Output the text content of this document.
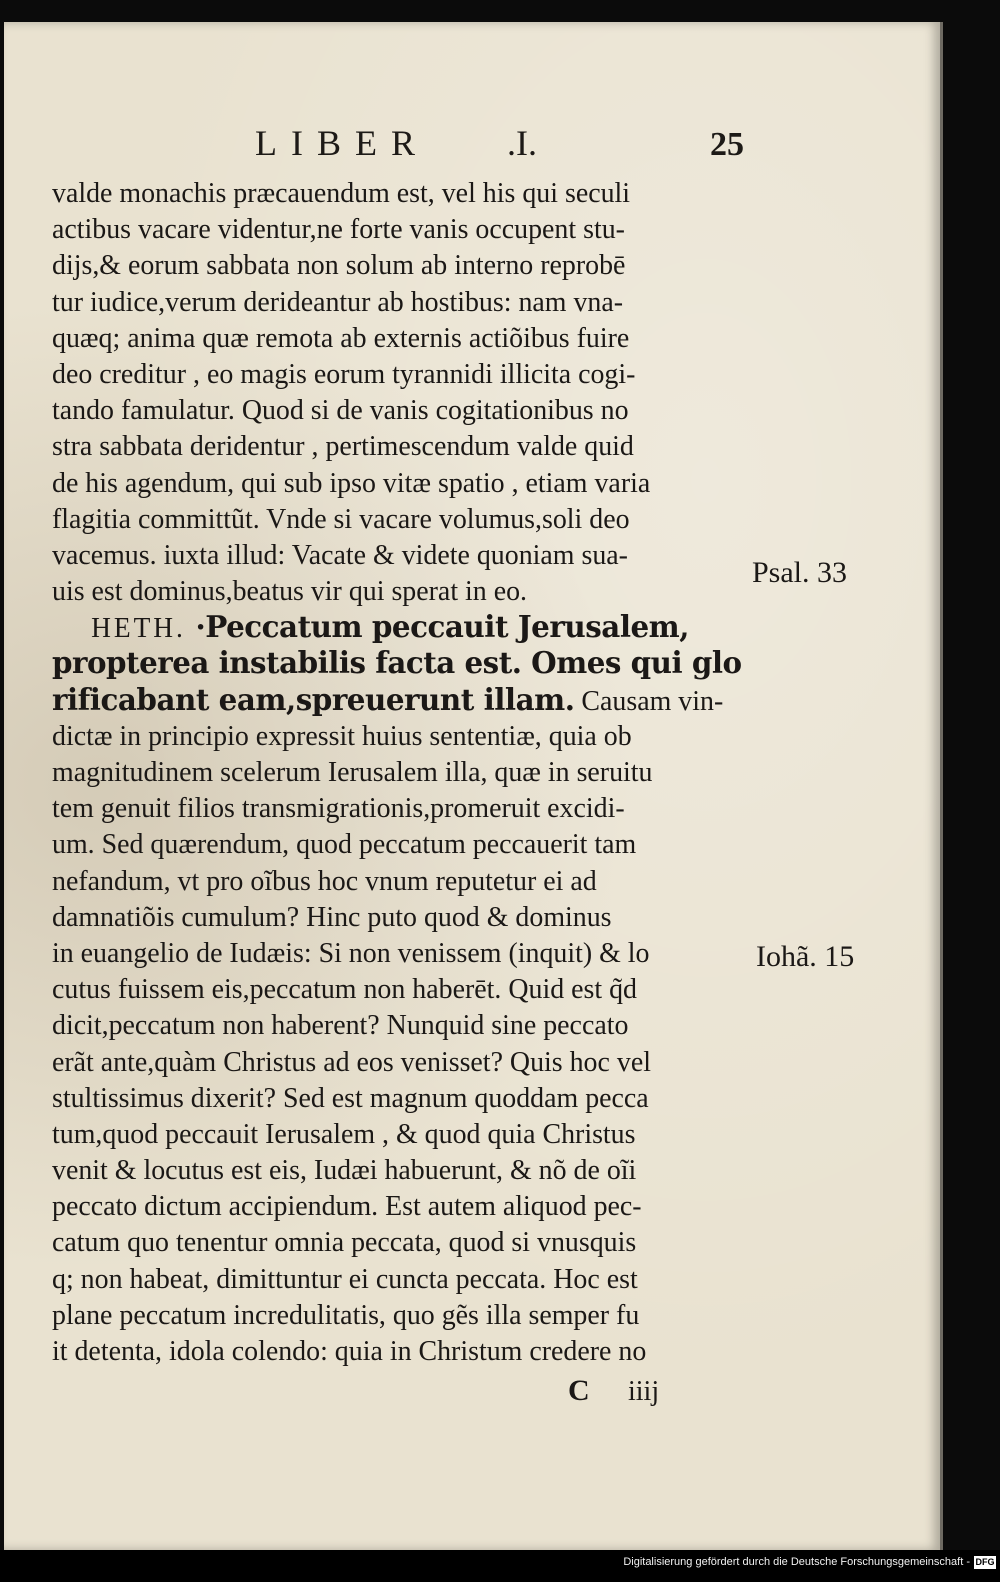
LIBER .I.	25
valde monachis præcauendum est, vel his qui seculi
actibus vacare videntur,ne forte vanis occupent stu-
dijs,& eorum sabbata non solum ab interno reprobē
tur iudice,verum derideantur ab hostibus: nam vna-
quæq; anima quæ remota ab externis actiõibus fuire
deo creditur , eo magis eorum tyrannidi illicita cogi-
tando famulatur. Quod si de vanis cogitationibus no
stra sabbata deridentur , pertimescendum valde quid
de his agendum, qui sub ipso vitæ spatio , etiam varia
flagitia committũt. Vnde si vacare volumus,soli deo
vacemus. iuxta illud: Vacate & videte quoniam sua-
uis est dominus,beatus vir qui sperat in eo.
HETH. ·Peccatum peccauit Jerusalem,
propterea instabilis facta est. Omes qui glo
rificabant eam,spreuerunt illam. Causam vin-
dictæ in principio expressit huius sententiæ, quia ob
magnitudinem scelerum Ierusalem illa, quæ in seruitu
tem genuit filios transmigrationis,promeruit excidi-
um. Sed quærendum, quod peccatum peccauerit tam
nefandum, vt pro oĩbus hoc vnum reputetur ei ad
damnatiõis cumulum? Hinc puto quod & dominus
in euangelio de Iudæis: Si non venissem (inquit) & lo
cutus fuissem eis,peccatum non haberēt. Quid est q̃d
dicit,peccatum non haberent? Nunquid sine peccato
erãt ante,quàm Christus ad eos venisset? Quis hoc vel
stultissimus dixerit? Sed est magnum quoddam pecca
tum,quod peccauit Ierusalem , & quod quia Christus
venit & locutus est eis, Iudæi habuerunt, & nõ de oĩi
peccato dictum accipiendum. Est autem aliquod pec-
catum quo tenentur omnia peccata, quod si vnusquis
q; non habeat, dimittuntur ei cuncta peccata. Hoc est
plane peccatum incredulitatis, quo gẽs illa semper fu
it detenta, idola colendo: quia in Christum credere no
Psal. 33
Iohã. 15
C iiij
Digitalisierung gefördert durch die Deutsche Forschungsgemeinschaft - DFG
